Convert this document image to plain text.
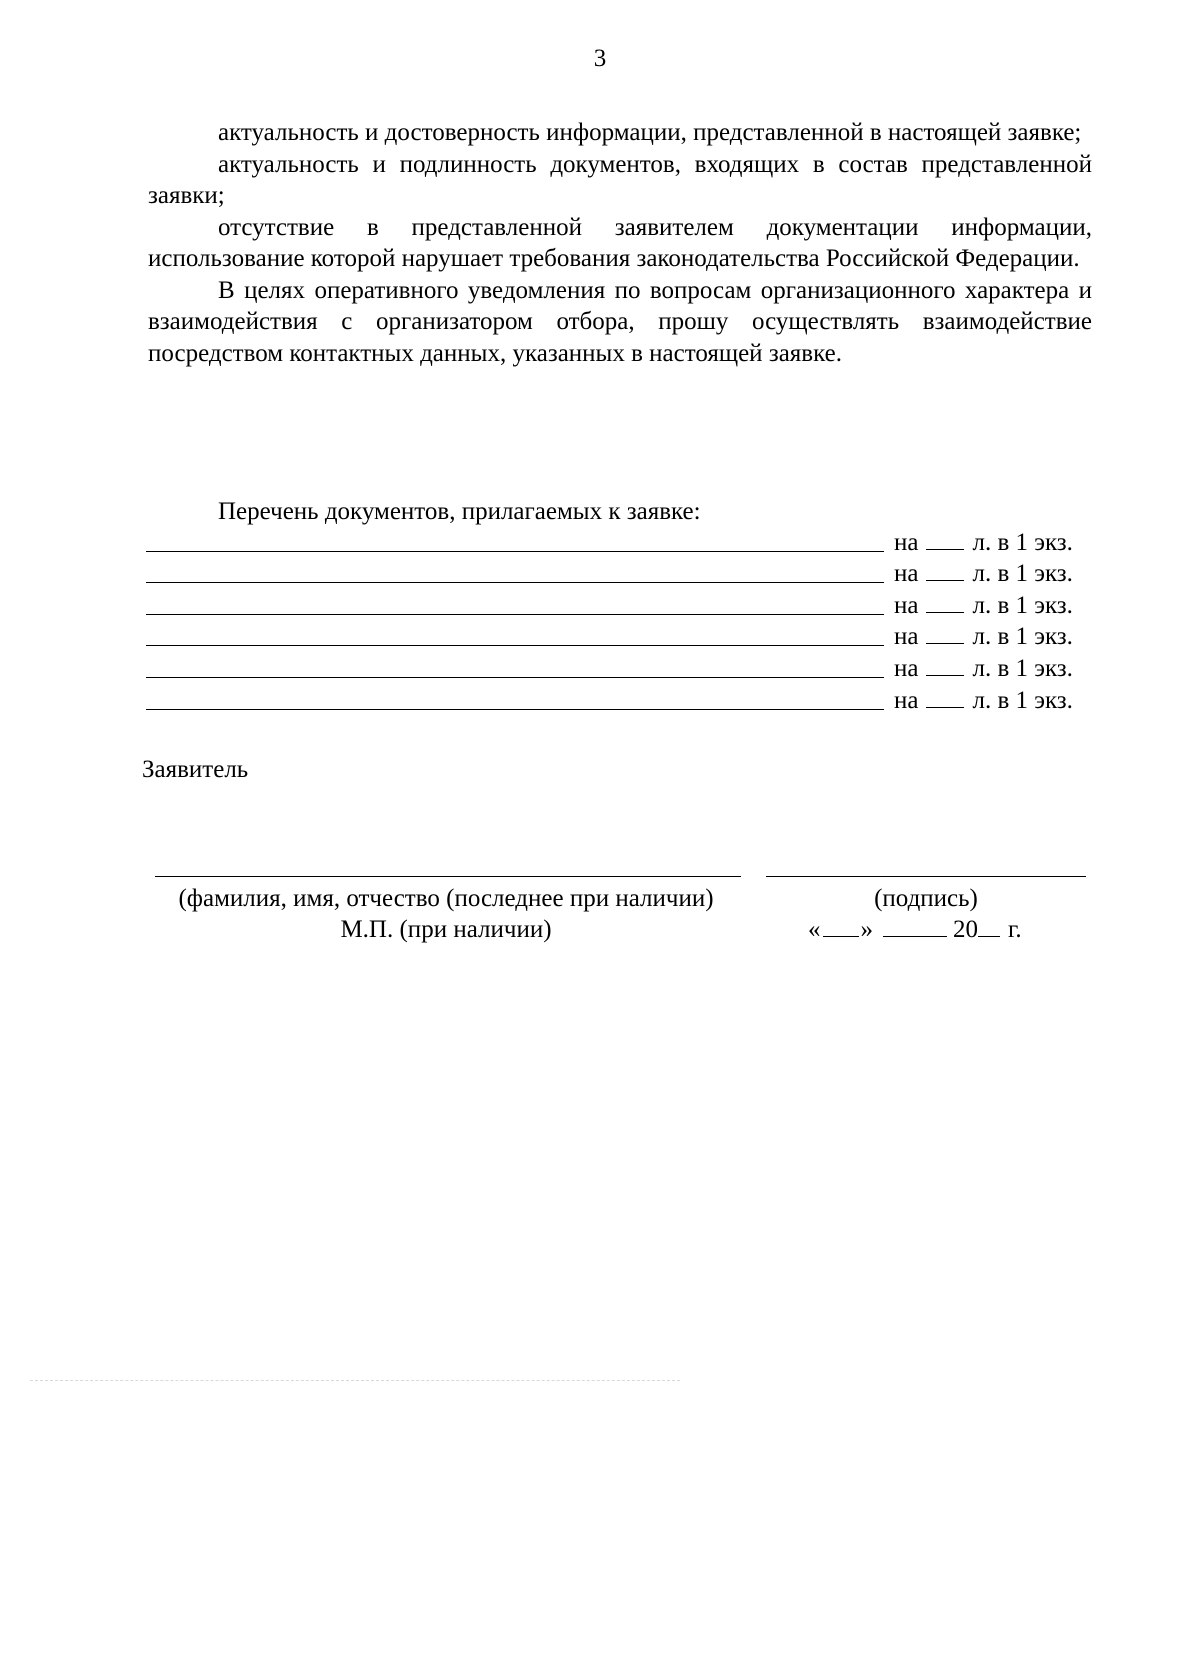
3

актуальность и достоверность информации, представленной в настоящей заявке;

актуальность и подлинность документов, входящих в состав представленной заявки;

отсутствие в представленной заявителем документации информации, использование которой нарушает требования законодательства Российской Федерации.

В целях оперативного уведомления по вопросам организационного характера и взаимодействия с организатором отбора, прошу осуществлять взаимодействие посредством контактных данных, указанных в настоящей заявке.

Перечень документов, прилагаемых к заявке:
на л. в 1 экз.
на л. в 1 экз.
на л. в 1 экз.
на л. в 1 экз.
на л. в 1 экз.
на л. в 1 экз.
Заявитель
(фамилия, имя, отчество (последнее при наличии)
М.П. (при наличии)
(подпись)
« »	20 г.
